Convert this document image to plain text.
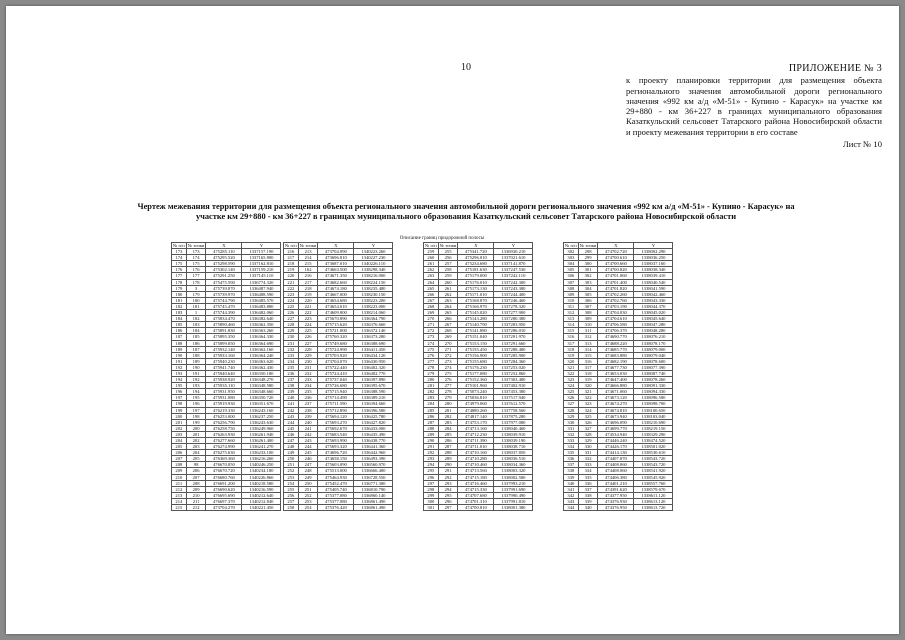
10	ПРИЛОЖЕНИЕ № 3
к проекту планировки территории для размещения объекта регионального значения автомобильной дороги регионального значения «992 км а/д «М-51» - Купино - Карасук» на участке км 29+880 - км 36+227 в границах муниципального образования Казаткульский сельсовет Татарского района Новосибирской области и проекту межевания территории в его составе
Лист № 10
Чертеж межевания территории для размещения объекта регионального значения автомобильной дороги регионального значения «992 км а/д «М-51» - Купино - Карасук» на участке км 29+880 - км 36+227 в границах муниципального образования Казаткульский сельсовет Татарского района Новосибирской области
Описание границ придорожной полосы
№ п/п	№ точки	X	Y
173	173	475285.110	1337157.190
174	174	475295.520	1337165.800
175	175	475298.590	1337162.810
176	176	475302.140	1337159.210
177	177	475291.250	1337145.110
178	178	475475.590	1336774.320
179	3	475739.070	1336487.940
180	179	475739.970	1336488.590
181	180	475744.790	1336485.570
182	181	475745.470	1336483.880
183	1	475744.390	1336482.060
184	182	475834.470	1336382.640
185	183	475890.460	1336362.350
186	184	475891.830	1336363.260
187	185	475895.350	1336364.330
188	186	475899.050	1336364.690
189	187	475932.140	1336362.160
190	188	475933.160	1336364.240
191	189	475940.230	1336363.620
192	190	475941.740	1336362.430
193	191	475940.640	1336350.180
194	192	475938.920	1336348.270
195	193	475935.110	1336348.580
196	194	475931.950	1336348.660
197	195	475931.080	1336350.720
198	196	475919.930	1336351.670
199	197	476219.330	1336243.160
200	198	476253.000	1336237.250
201	199	476256.790	1336243.630
202	200	476258.750	1336249.960
203	201	476263.930	1336261.940
204	202	476277.660	1336261.400
205	203	476274.990	1336241.270
206	204	476275.630	1336233.100
207	205	476369.360	1336216.260
208	98	476670.050	1340246.250
209	206	476670.720	1340234.180
210	207	476680.760	1340226.860
211	208	476691.200	1340218.580
212	209	476690.620	1340216.590
213	210	476695.690	1340212.640
214	211	476697.370	1340212.840
215	212	473704.270	1340221.450
№ п/п	№ точки	X	Y
216	213	473704.090	1340223.260
217	214	473696.810	1340227.230
218	215	473687.010	1340226.110
219	162	474663.500	1338298.340
220	216	474671.350	1338216.000
221	217	474682.660	1338224.150
222	218	474674.180	1338235.480
223	219	474667.000	1338230.150
224	220	474654.680	1338223.200
225	221	474654.010	1338223.000
226	222	474609.800	1338214.060
227	223	475670.890	1336364.790
228	224	475715.620	1336376.660
229	225	475721.000	1336372.140
230	226	475760.320	1336373.280
231	227	475749.680	1336388.690
232	228	475724.990	1336411.450
233	229	475703.920	1336434.120
234	230	473704.070	1336430.950
235	231	475722.440	1336402.320
236	232	475724.410	1336402.770
237	233	475737.040	1336397.890
238	234	475726.680	1336395.670
239	235	475715.940	1336388.590
240	236	475714.490	1336389.210
241	237	475711.590	1336394.660
242	238	475712.890	1336396.580
243	239	475694.120	1336425.780
244	240	475693.270	1336427.820
245	241	475692.670	1336433.000
246	242	475683.540	1336435.490
247	243	475693.990	1336438.770
248	244	475693.320	1336441.360
249	245	474696.720	1336442.960
250	246	474658.150	1336493.390
251	247	475603.090	1336560.970
252	248	475513.000	1336666.400
253	249	475464.930	1336728.550
254	250	475452.470	1336771.380
255	251	475405.740	1336810.790
256	252	475377.080	1336860.140
257	253	475377.080	1336861.490
258	254	475376.420	1336861.490
№ п/п	№ точки	X	Y
259	255	475341.720	1336930.210
260	256	475296.010	1337021.610
261	257	475234.680	1337141.870
262	258	475181.630	1337247.530
263	259	475179.000	1337242.110
264	260	475176.010	1337242.300
265	261	475173.130	1337243.380
266	262	475171.010	1337244.400
267	263	475168.870	1337246.460
268	264	475166.970	1337278.320
269	265	475145.020	1337277.900
270	266	475143.280	1337280.380
271	267	475140.790	1337283.950
272	268	475141.880	1337286.010
273	269	475151.040	1337291.970
274	270	475153.150	1337291.660
275	271	475155.450	1337288.480
276	272	475156.900	1337285.900
277	273	475155.680	1337284.360
278	274	475176.230	1337253.020
279	275	475177.080	1337252.860
280	276	475152.360	1337303.480
281	277	475101.960	1337402.910
282	278	475073.240	1337453.380
283	279	475036.810	1337517.940
284	280	474979.060	1337612.570
285	281	474880.260	1337758.560
286	282	474817.140	1337875.280
287	283	474753.170	1337977.080
288	284	474713.160	1338040.460
289	285	474712.230	1338039.910
290	286	474711.390	1338039.190
291	287	474711.010	1338038.710
292	288	474710.160	1338037.850
293	289	474710.280	1338036.510
294	290	474710.460	1338034.360
295	291	474713.560	1338003.320
296	292	474715.180	1338002.580
297	293	474716.460	1337993.210
298	294	474715.330	1337991.690
299	295	474707.680	1337990.490
300	296	474701.310	1337991.810
301	297	474700.810	1338001.380
№ п/п	№ точки	X	Y
302	298	474702.720	1338002.290
303	299	474700.610	1338036.250
304	300	474700.660	1338037.160
305	301	474700.820	1338038.340
306	302	474701.060	1338039.410
307	303	474701.400	1338040.540
308	304	474701.820	1338041.590
309	305	474702.260	1338042.460
310	306	474702.760	1338043.330
311	307	474703.190	1338044.370
312	308	474704.030	1338045.020
313	309	474704.610	1338045.640
314	310	474706.580	1338047.280
315	311	474706.370	1338048.280
316	312	474690.770	1338076.210
317	313	474688.220	1338078.170
318	314	474685.770	1338079.000
319	315	474683.880	1338079.040
320	316	474682.190	1338078.600
321	317	474677.730	1338077.390
322	318	474653.030	1338087.740
323	319	474647.400	1338078.260
324	320	474666.880	1338091.330
325	321	474671.060	1338094.330
326	322	474673.120	1338096.580
327	323	474674.270	1338098.700
328	324	474674.810	1338100.650
329	325	474673.940	1338103.040
330	326	474696.090	1338210.690
331	327	474699.770	1338219.150
332	328	474534.940	1338329.290
333	329	474446.240	1338474.520
334	330	474426.170	1338501.020
335	331	474414.130	1338530.610
336	332	474407.870	1338543.720
337	333	474408.060	1338543.720
338	334	474408.060	1338541.920
339	335	474406.380	1338545.920
340	336	474401.210	1338557.760
341	337	474391.620	1338579.670
342	338	474377.950	1338611.120
343	339	474376.930	1338613.120
344	340	474376.950	1338613.720
